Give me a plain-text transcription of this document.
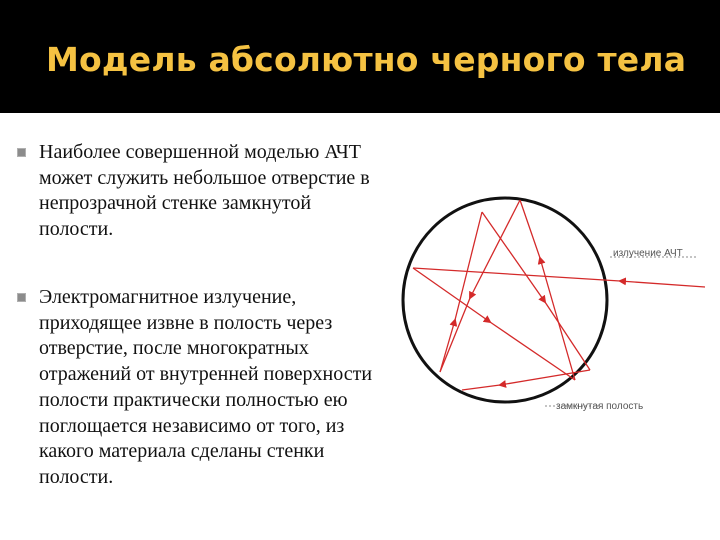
Модель абсолютно черного тела
Наиболее совершенной моделью АЧТ
может служить небольшое отверстие в
непрозрачной стенке замкнутой
полости.
Электромагнитное излучение,
приходящее извне в полость через
отверстие, после многократных
отражений от внутренней поверхности
полости практически полностью ею
поглощается независимо от того, из
какого материала сделаны стенки
полости.
излучение АЧТ
замкнутая полость
